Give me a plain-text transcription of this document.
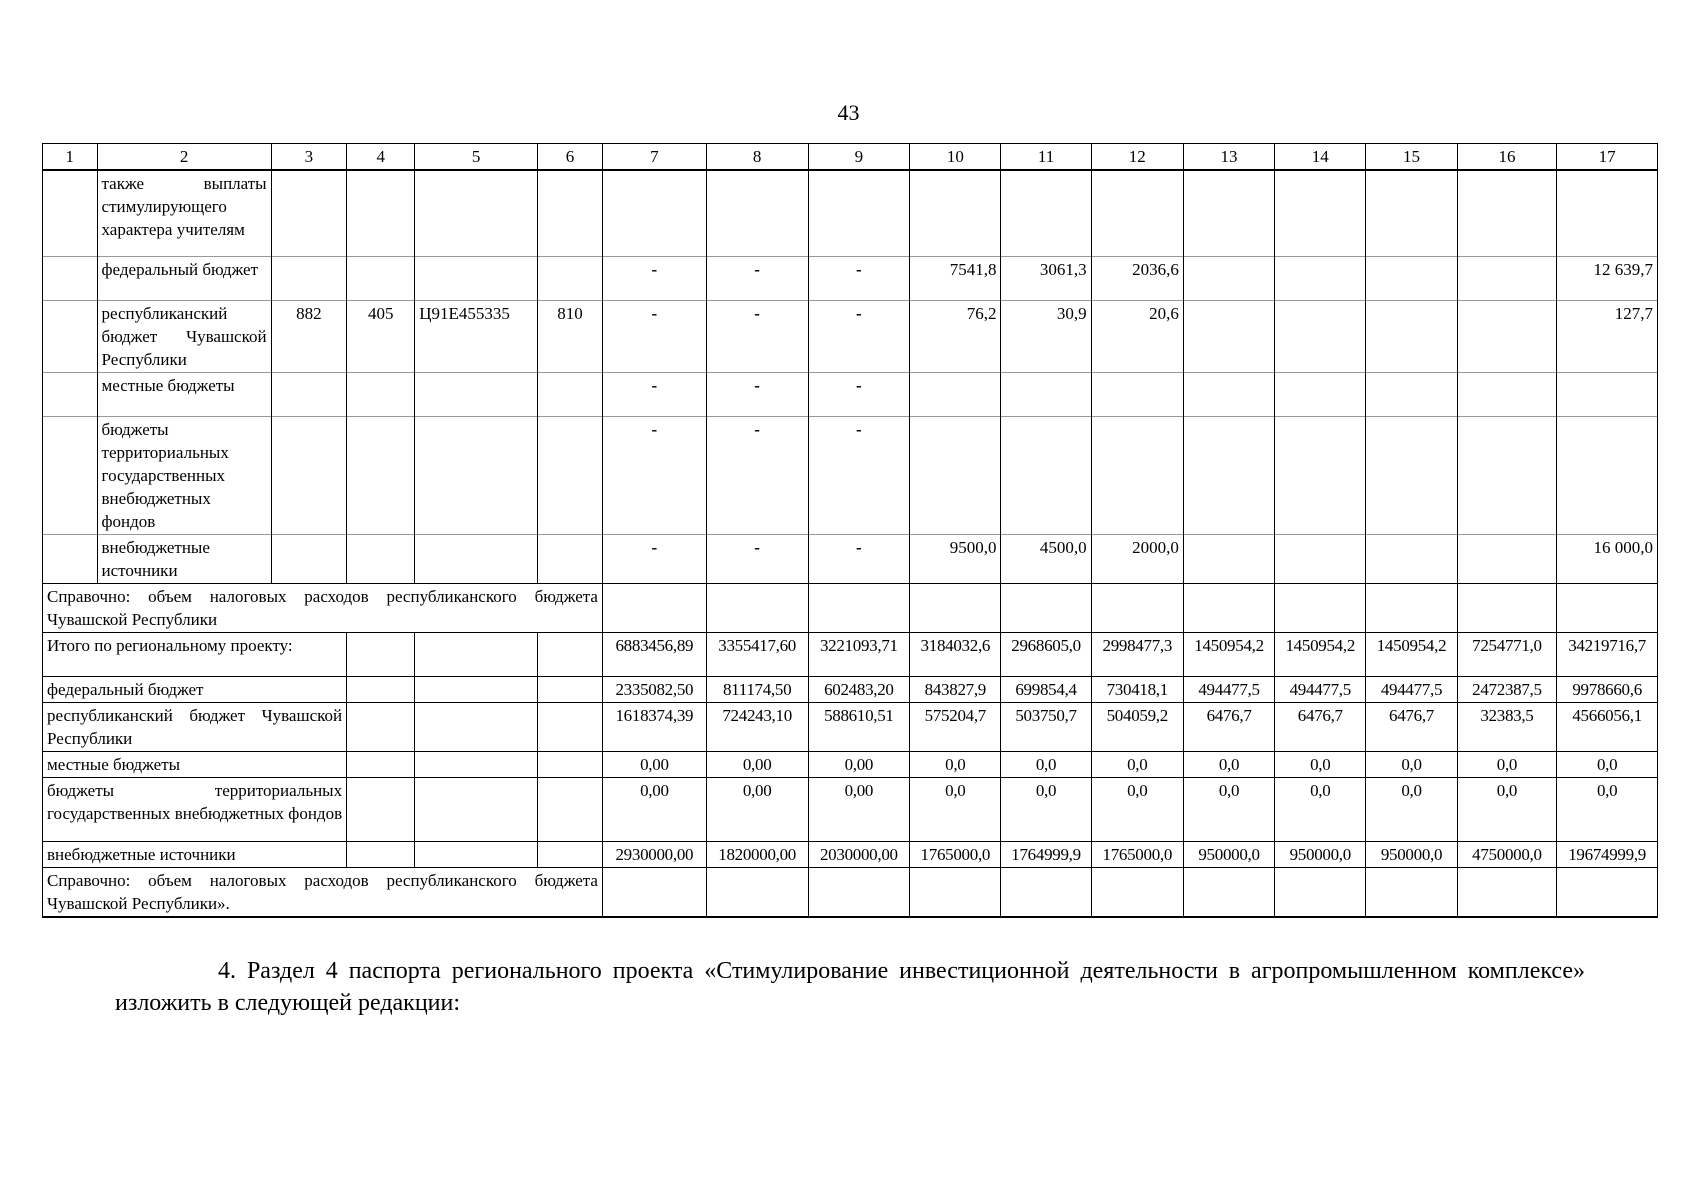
43
1	2	3	4	5	6	7	8	9	10	11	12	13	14	15	16	17
	также выплаты стимулирующего характера учителям															
	федеральный бюджет					-	-	-	7541,8	3061,3	2036,6					12 639,7
	республиканский бюджет Чувашской Республики	882	405	Ц91Е455335	810	-	-	-	76,2	30,9	20,6					127,7
	местные бюджеты					-	-	-								
	бюджеты территориальных государственных внебюджетных фондов					-	-	-								
	внебюджетные источники					-	-	-	9500,0	4500,0	2000,0					16 000,0
Справочно: объем налоговых расходов республиканского бюджета Чувашской Республики																
Итого по региональному проекту:						6883456,89	3355417,60	3221093,71	3184032,6	2968605,0	2998477,3	1450954,2	1450954,2	1450954,2	7254771,0	34219716,7
федеральный бюджет						2335082,50	811174,50	602483,20	843827,9	699854,4	730418,1	494477,5	494477,5	494477,5	2472387,5	9978660,6
республиканский бюджет Чувашской Республики						1618374,39	724243,10	588610,51	575204,7	503750,7	504059,2	6476,7	6476,7	6476,7	32383,5	4566056,1
местные бюджеты						0,00	0,00	0,00	0,0	0,0	0,0	0,0	0,0	0,0	0,0	0,0
бюджеты территориальных государственных внебюджетных фондов						0,00	0,00	0,00	0,0	0,0	0,0	0,0	0,0	0,0	0,0	0,0
внебюджетные источники						2930000,00	1820000,00	2030000,00	1765000,0	1764999,9	1765000,0	950000,0	950000,0	950000,0	4750000,0	19674999,9
Справочно: объем налоговых расходов республиканского бюджета Чувашской Республики».																
4. Раздел 4 паспорта регионального проекта «Стимулирование инвестиционной деятельности в агропромышленном комплексе» изложить в следующей редакции:
